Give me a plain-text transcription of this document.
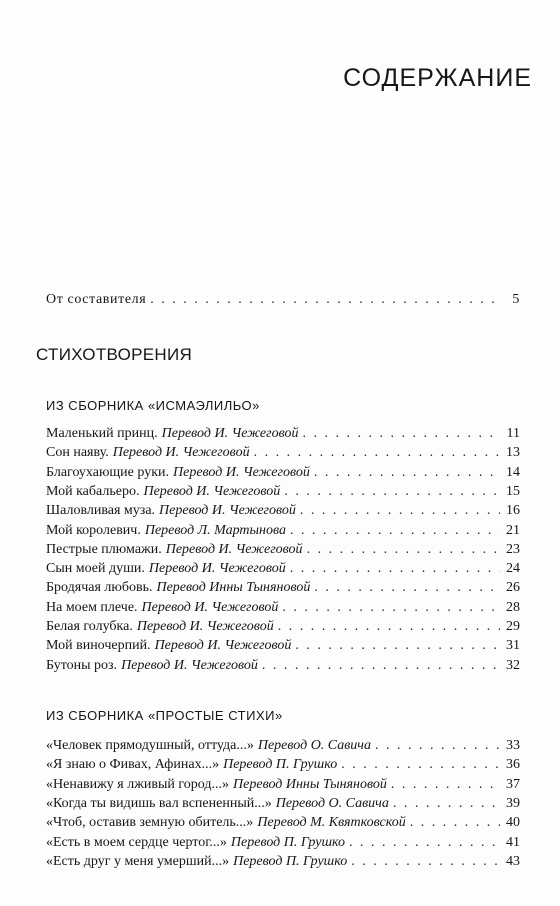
СОДЕРЖАНИЕ
От составителя . . .	5
СТИХОТВОРЕНИЯ
ИЗ СБОРНИКА «ИСМАЭЛИЛЬО»
Маленький принц. Перевод И. Чежеговой . . .	11
Сон наяву. Перевод И. Чежеговой . . .	13
Благоухающие руки. Перевод И. Чежеговой . . .	14
Мой кабальеро. Перевод И. Чежеговой . . .	15
Шаловливая муза. Перевод И. Чежеговой . . .	16
Мой королевич. Перевод Л. Мартынова . . .	21
Пестрые плюмажи. Перевод И. Чежеговой . . .	23
Сын моей души. Перевод И. Чежеговой . . .	24
Бродячая любовь. Перевод Инны Тыняновой . . .	26
На моем плече. Перевод И. Чежеговой . . .	28
Белая голубка. Перевод И. Чежеговой . . .	29
Мой виночерпий. Перевод И. Чежеговой . . .	31
Бутоны роз. Перевод И. Чежеговой . . .	32
ИЗ СБОРНИКА «ПРОСТЫЕ СТИХИ»
«Человек прямодушный, оттуда...» Перевод О. Савича . . .	33
«Я знаю о Фивах, Афинах...» Перевод П. Грушко . . .	36
«Ненавижу я лживый город...» Перевод Инны Тыняновой . . .	37
«Когда ты видишь вал вспененный...» Перевод О. Савича . . .	39
«Чтоб, оставив земную обитель...» Перевод М. Квятковской . . .	40
«Есть в моем сердце чертог...» Перевод П. Грушко . . .	41
«Есть друг у меня умерший...» Перевод П. Грушко . . .	43
